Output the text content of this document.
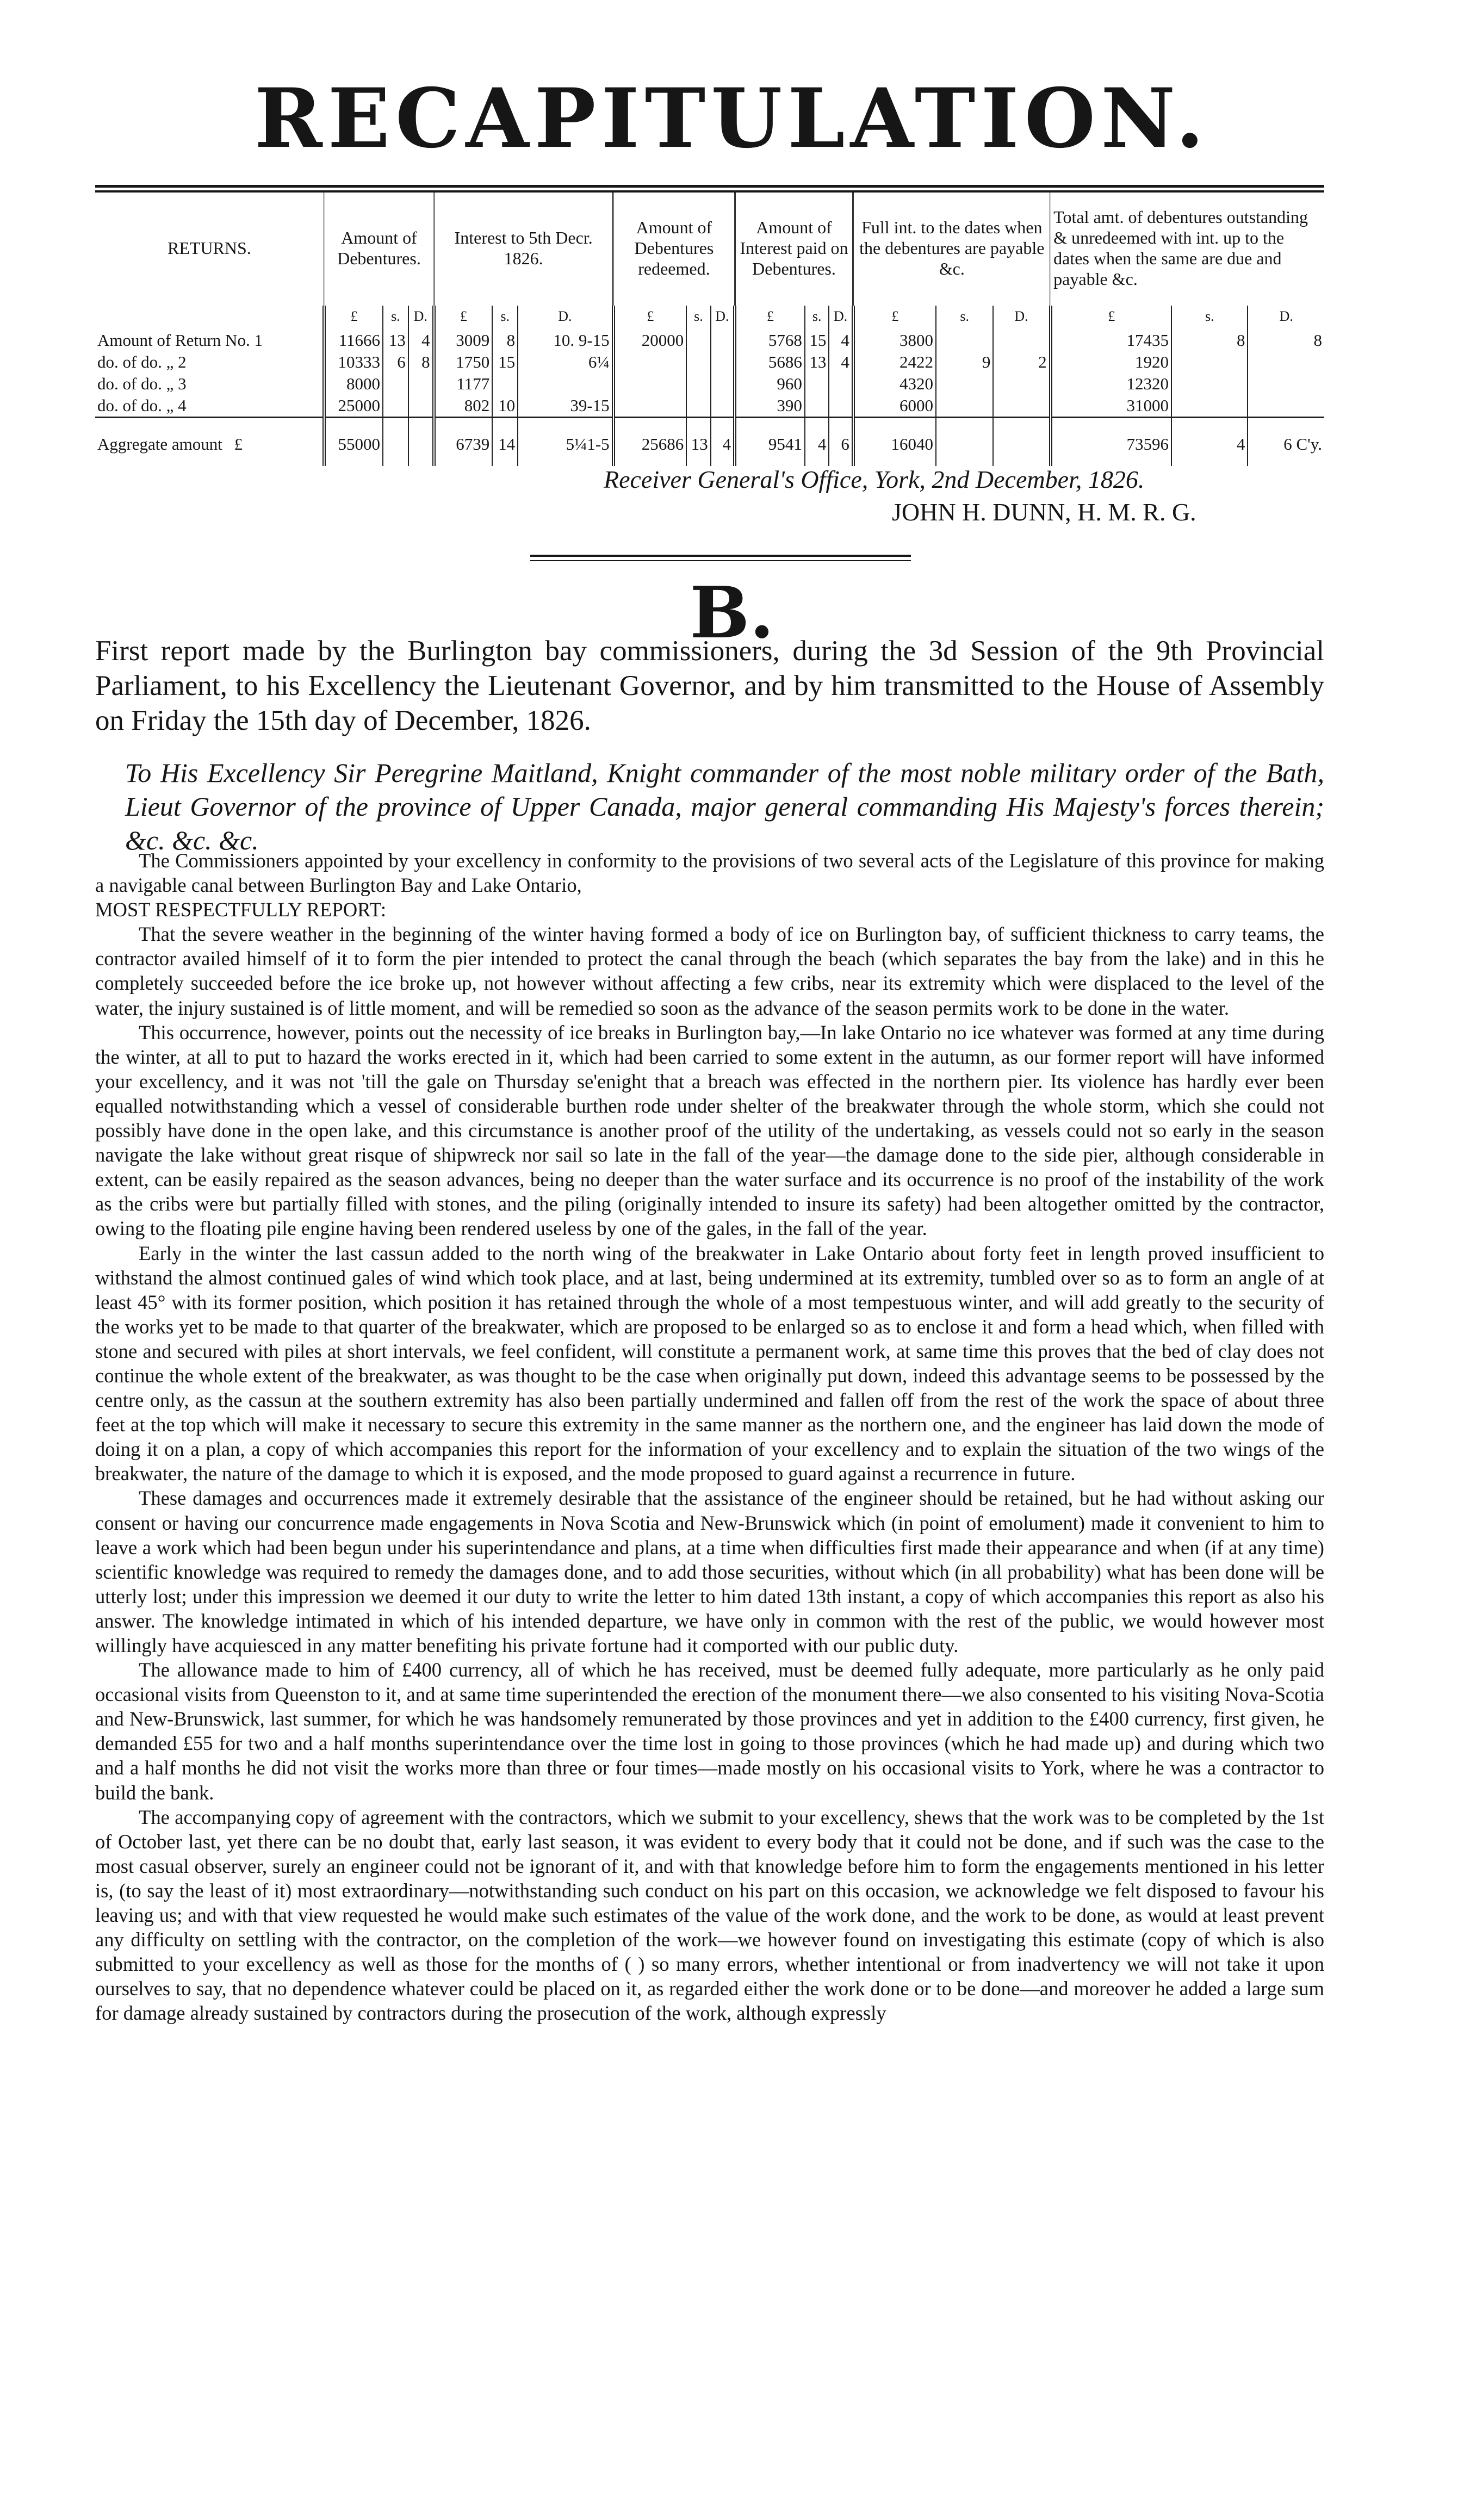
RECAPITULATION.
RETURNS.	Amount of Debentures.			Interest to 5th Decr. 1826.			Amount of Debentures redeemed.			Amount of Interest paid on Debentures.			Full int. to the dates when the debentures are payable &c.			Total amt. of debentures outstanding & unredeemed with int. up to the dates when the same are due and payable &c.		
	£	s.	D.	£	s.	D.	£	s.	D.	£	s.	D.	£	s.	D.	£	s.	D.
Amount of Return No. 1	11666	13	4	3009	8	10. 9-15	20000			5768	15	4	3800			17435	8	8
do. of do. „ 2	10333	6	8	1750	15	6¼				5686	13	4	2422	9	2	1920		
do. of do. „ 3	8000			1177						960			4320			12320		
do. of do. „ 4	25000			802	10	39-15				390			6000			31000		
Aggregate amount £	55000			6739	14	5¼1-5	25686	13	4	9541	4	6	16040			73596	4	6 C'y.
Receiver General's Office, York, 2nd December, 1826.
JOHN H. DUNN, H. M. R. G.
B.
First report made by the Burlington bay commissioners, during the 3d Session of the 9th Provincial Parliament, to his Excellency the Lieutenant Governor, and by him transmitted to the House of Assembly on Friday the 15th day of December, 1826.
To His Excellency Sir Peregrine Maitland, Knight commander of the most noble military order of the Bath, Lieut Governor of the province of Upper Canada, major general commanding His Majesty's forces therein; &c. &c. &c.

The Commissioners appointed by your excellency in conformity to the provisions of two several acts of the Legislature of this province for making a navigable canal between Burlington Bay and Lake Ontario,

MOST RESPECTFULLY REPORT:

That the severe weather in the beginning of the winter having formed a body of ice on Burlington bay, of sufficient thickness to carry teams, the contractor availed himself of it to form the pier intended to protect the canal through the beach (which separates the bay from the lake) and in this he completely succeeded before the ice broke up, not however without affecting a few cribs, near its extremity which were displaced to the level of the water, the injury sustained is of little moment, and will be remedied so soon as the advance of the season permits work to be done in the water.

This occurrence, however, points out the necessity of ice breaks in Burlington bay,—In lake Ontario no ice whatever was formed at any time during the winter, at all to put to hazard the works erected in it, which had been carried to some extent in the autumn, as our former report will have informed your excellency, and it was not 'till the gale on Thursday se'enight that a breach was effected in the northern pier. Its violence has hardly ever been equalled notwithstanding which a vessel of considerable burthen rode under shelter of the breakwater through the whole storm, which she could not possibly have done in the open lake, and this circumstance is another proof of the utility of the undertaking, as vessels could not so early in the season navigate the lake without great risque of shipwreck nor sail so late in the fall of the year—the damage done to the side pier, although considerable in extent, can be easily repaired as the season advances, being no deeper than the water surface and its occurrence is no proof of the instability of the work as the cribs were but partially filled with stones, and the piling (originally intended to insure its safety) had been altogether omitted by the contractor, owing to the floating pile engine having been rendered useless by one of the gales, in the fall of the year.

Early in the winter the last cassun added to the north wing of the breakwater in Lake Ontario about forty feet in length proved insufficient to withstand the almost continued gales of wind which took place, and at last, being undermined at its extremity, tumbled over so as to form an angle of at least 45° with its former position, which position it has retained through the whole of a most tempestuous winter, and will add greatly to the security of the works yet to be made to that quarter of the breakwater, which are proposed to be enlarged so as to enclose it and form a head which, when filled with stone and secured with piles at short intervals, we feel confident, will constitute a permanent work, at same time this proves that the bed of clay does not continue the whole extent of the breakwater, as was thought to be the case when originally put down, indeed this advantage seems to be possessed by the centre only, as the cassun at the southern extremity has also been partially undermined and fallen off from the rest of the work the space of about three feet at the top which will make it necessary to secure this extremity in the same manner as the northern one, and the engineer has laid down the mode of doing it on a plan, a copy of which accompanies this report for the information of your excellency and to explain the situation of the two wings of the breakwater, the nature of the damage to which it is exposed, and the mode proposed to guard against a recurrence in future.

These damages and occurrences made it extremely desirable that the assistance of the engineer should be retained, but he had without asking our consent or having our concurrence made engagements in Nova Scotia and New-Brunswick which (in point of emolument) made it convenient to him to leave a work which had been begun under his superintendance and plans, at a time when difficulties first made their appearance and when (if at any time) scientific knowledge was required to remedy the damages done, and to add those securities, without which (in all probability) what has been done will be utterly lost; under this impression we deemed it our duty to write the letter to him dated 13th instant, a copy of which accompanies this report as also his answer. The knowledge intimated in which of his intended departure, we have only in common with the rest of the public, we would however most willingly have acquiesced in any matter benefiting his private fortune had it comported with our public duty.

The allowance made to him of £400 currency, all of which he has received, must be deemed fully adequate, more particularly as he only paid occasional visits from Queenston to it, and at same time superintended the erection of the monument there—we also consented to his visiting Nova-Scotia and New-Brunswick, last summer, for which he was handsomely remunerated by those provinces and yet in addition to the £400 currency, first given, he demanded £55 for two and a half months superintendance over the time lost in going to those provinces (which he had made up) and during which two and a half months he did not visit the works more than three or four times—made mostly on his occasional visits to York, where he was a contractor to build the bank.

The accompanying copy of agreement with the contractors, which we submit to your excellency, shews that the work was to be completed by the 1st of October last, yet there can be no doubt that, early last season, it was evident to every body that it could not be done, and if such was the case to the most casual observer, surely an engineer could not be ignorant of it, and with that knowledge before him to form the engagements mentioned in his letter is, (to say the least of it) most extraordinary—notwithstanding such conduct on his part on this occasion, we acknowledge we felt disposed to favour his leaving us; and with that view requested he would make such estimates of the value of the work done, and the work to be done, as would at least prevent any difficulty on settling with the contractor, on the completion of the work—we however found on investigating this estimate (copy of which is also submitted to your excellency as well as those for the months of ( ) so many errors, whether intentional or from inadvertency we will not take it upon ourselves to say, that no dependence whatever could be placed on it, as regarded either the work done or to be done—and moreover he added a large sum for damage already sustained by contractors during the prosecution of the work, although expressly
